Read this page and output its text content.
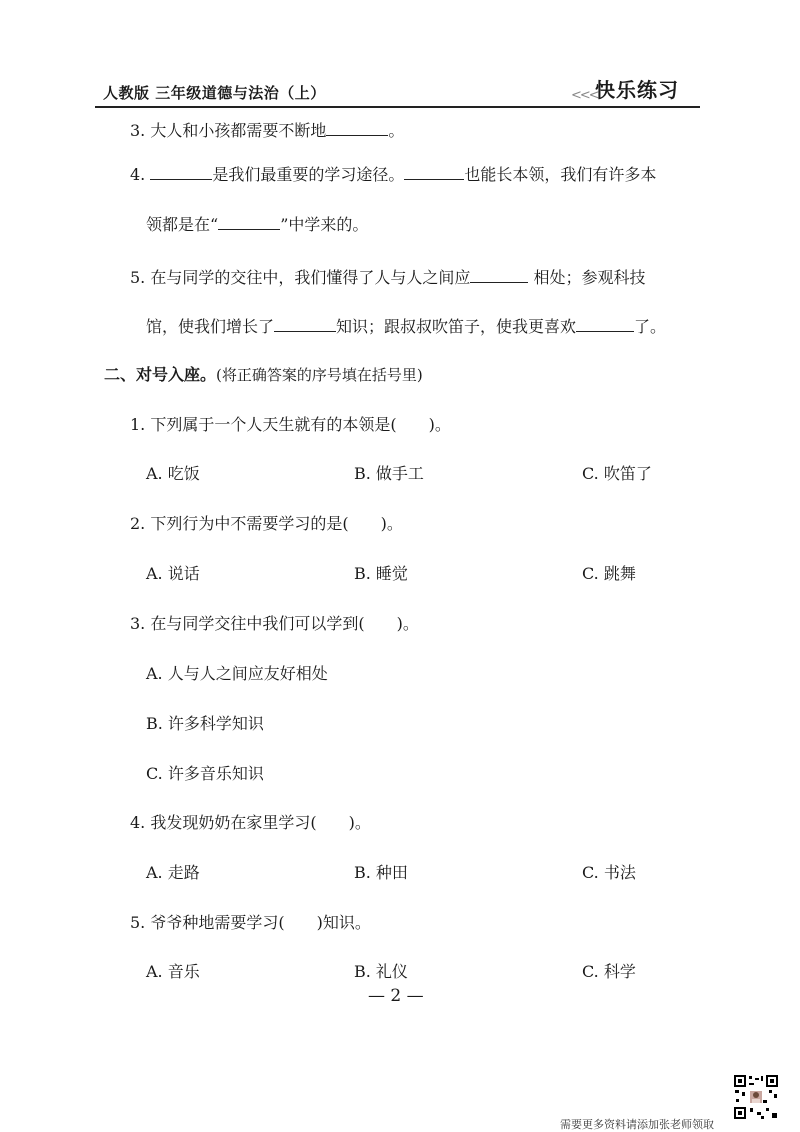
人教版 三年级道德与法治（上）	<<<
快乐练习
3. 大人和小孩都需要不断地	。
4.	是我们最重要的学习途径。	也能长本领，我们有许多本
领都是在“	”中学来的。
5. 在与同学的交往中，我们懂得了人与人之间应	相处；参观科技
馆，使我们增长了	知识；跟叔叔吹笛子，使我更喜欢	了。
二、对号入座。(将正确答案的序号填在括号里)
1. 下列属于一个人天生就有的本领是(　　)。
A. 吃饭	B. 做手工	C. 吹笛了
2. 下列行为中不需要学习的是(　　)。
A. 说话	B. 睡觉	C. 跳舞
3. 在与同学交往中我们可以学到(　　)。
A. 人与人之间应友好相处
B. 许多科学知识
C. 许多音乐知识
4. 我发现奶奶在家里学习(　　)。
A. 走路	B. 种田	C. 书法
5. 爷爷种地需要学习(　　)知识。
A. 音乐	B. 礼仪	C. 科学
— 2 —
需要更多资料请添加张老师领取
